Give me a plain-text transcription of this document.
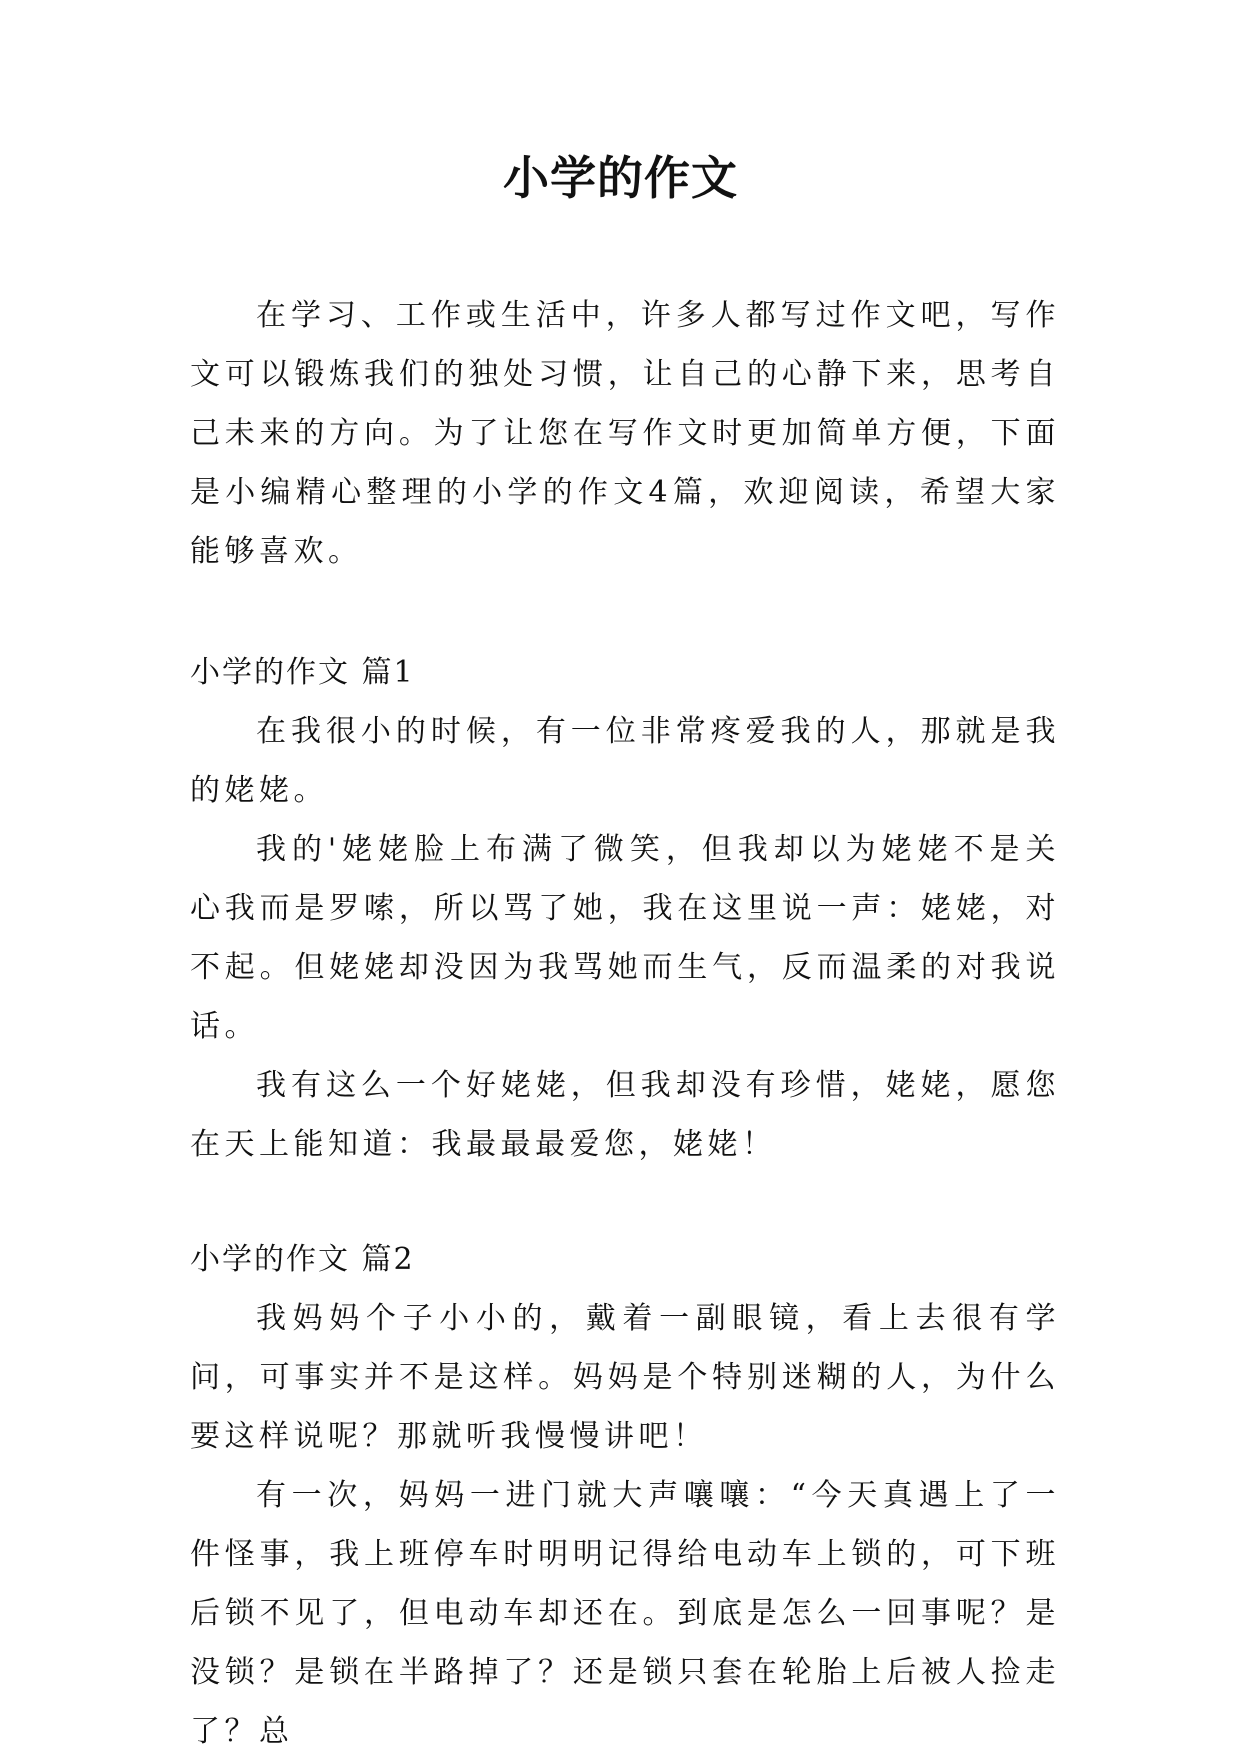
小学的作文

在学习、工作或生活中，许多人都写过作文吧，写作文可以锻炼我们的独处习惯，让自己的心静下来，思考自己未来的方向。为了让您在写作文时更加简单方便，下面是小编精心整理的小学的作文4篇，欢迎阅读，希望大家能够喜欢。

小学的作文 篇1

在我很小的时候，有一位非常疼爱我的人，那就是我的姥姥。

我的'姥姥脸上布满了微笑，但我却以为姥姥不是关心我而是罗嗦，所以骂了她，我在这里说一声：姥姥，对不起。但姥姥却没因为我骂她而生气，反而温柔的对我说话。

我有这么一个好姥姥，但我却没有珍惜，姥姥，愿您在天上能知道：我最最最爱您，姥姥！

小学的作文 篇2

我妈妈个子小小的，戴着一副眼镜，看上去很有学问，可事实并不是这样。妈妈是个特别迷糊的人，为什么要这样说呢？那就听我慢慢讲吧！

有一次，妈妈一进门就大声嚷嚷：“今天真遇上了一件怪事，我上班停车时明明记得给电动车上锁的，可下班后锁不见了，但电动车却还在。到底是怎么一回事呢？是没锁？是锁在半路掉了？还是锁只套在轮胎上后被人捡走了？总
